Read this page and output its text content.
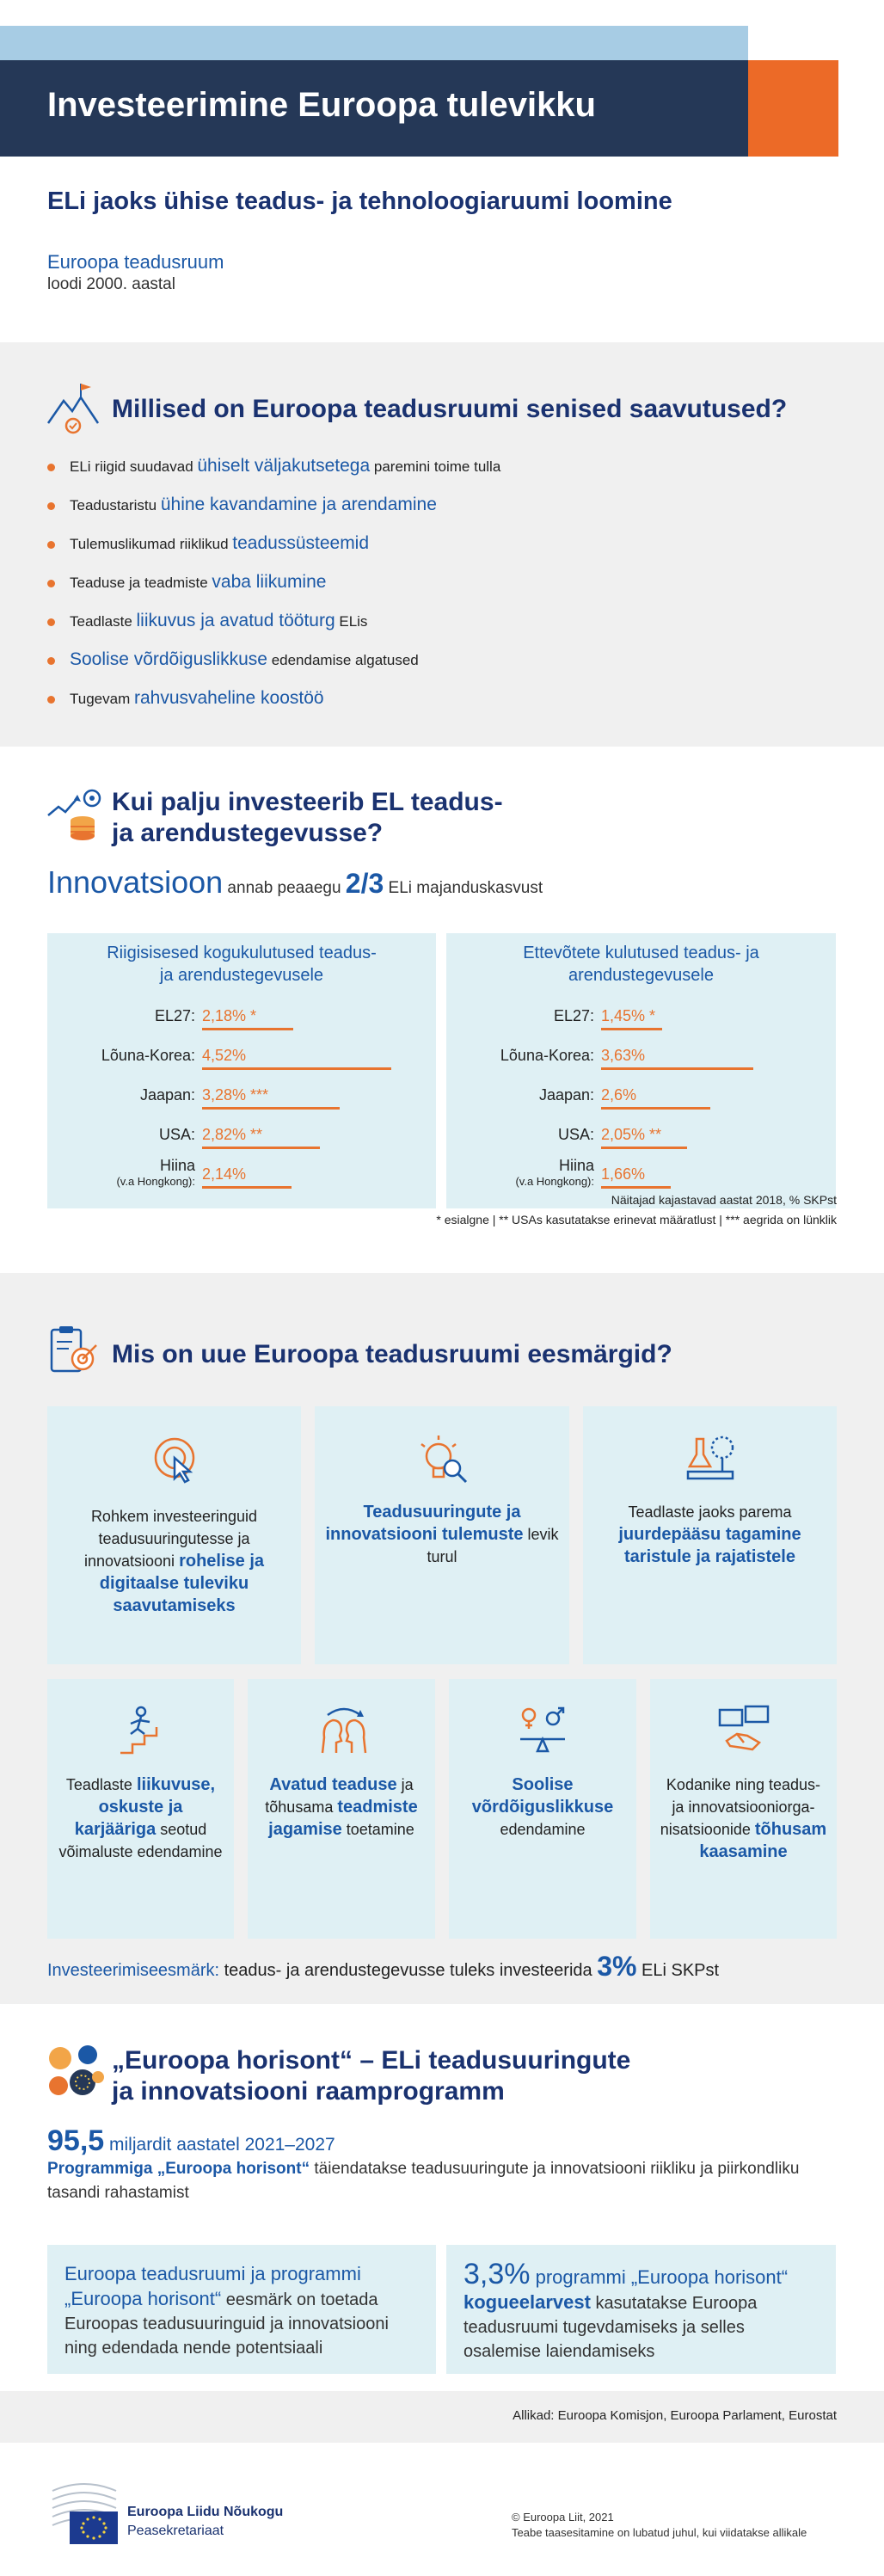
Investeerimine Euroopa tulevikku
ELi jaoks ühise teadus- ja tehnoloogiaruumi loomine
Euroopa teadusruum
loodi 2000. aastal
Millised on Euroopa teadusruumi senised saavutused?
ELi riigid suudavad ühiselt väljakutsetega paremini toime tulla
Teadustaristu ühine kavandamine ja arendamine
Tulemuslikumad riiklikud teadussüsteemid
Teaduse ja teadmiste vaba liikumine
Teadlaste liikuvus ja avatud tööturg ELis
Soolise võrdõiguslikkuse edendamise algatused
Tugevam rahvusvaheline koostöö
Kui palju investeerib EL teadus-
ja arendustegevusse?
Innovatsioon annab peaaegu 2/3 ELi majanduskasvust
Riigisisesed kogukulutused teadus-
ja arendustegevusele
EL27: 2,18% *
Lõuna-Korea: 4,52%
Jaapan: 3,28% ***
USA: 2,82% **
Hiina
(v.a Hongkong): 2,14%
Ettevõtete kulutused teadus- ja
arendustegevusele
EL27: 1,45% *
Lõuna-Korea: 3,63%
Jaapan: 2,6%
USA: 2,05% **
Hiina
(v.a Hongkong): 1,66%
Näitajad kajastavad aastat 2018, % SKPst
* esialgne | ** USAs kasutatakse erinevat määratlust | *** aegrida on lünklik
Mis on uue Euroopa teadusruumi eesmärgid?
Rohkem investeeringuid teadusuuringutesse ja innovatsiooni rohelise ja digitaalse tuleviku saavutamiseks
Teadusuuringute ja innovatsiooni tulemuste levik turul
Teadlaste jaoks parema juurdepääsu tagamine taristule ja rajatistele
Teadlaste liikuvuse, oskuste ja karjääriga seotud võimaluste edendamine
Avatud teaduse ja tõhusama teadmiste jagamise toetamine
Soolise võrdõiguslikkuse edendamine
Kodanike ning teadus- ja innovatsiooniorga-nisatsioonide tõhusam kaasamine
Investeerimiseesmärk: teadus- ja arendustegevusse tuleks investeerida 3% ELi SKPst
„Euroopa horisont“ – ELi teadusuuringute
ja innovatsiooni raamprogramm
95,5 miljardit aastatel 2021–2027
Programmiga „Euroopa horisont“ täiendatakse teadusuuringute ja innovatsiooni riikliku ja piirkondliku tasandi rahastamist
Euroopa teadusruumi ja programmi „Euroopa horisont“ eesmärk on toetada Euroopas teadusuuringuid ja innovatsiooni ning edendada nende potentsiaali
3,3% programmi „Euroopa horisont“ kogueelarvest kasutatakse Euroopa teadusruumi tugevdamiseks ja selles osalemise laiendamiseks
Allikad: Euroopa Komisjon, Euroopa Parlament, Eurostat
Euroopa Liidu Nõukogu
Peasekretariaat
© Euroopa Liit, 2021
Teabe taasesitamine on lubatud juhul, kui viidatakse allikale
